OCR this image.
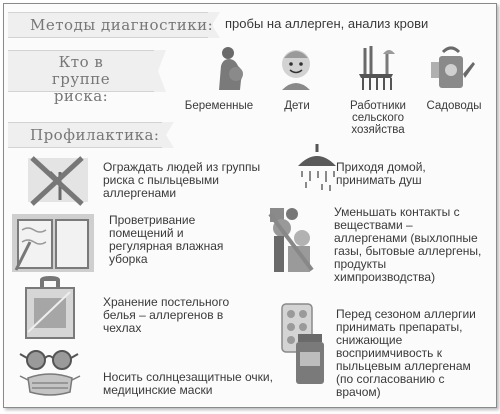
Методы диагностики: пробы на аллерген, анализ крови
Кто в группе
риска:
Беременные	Дети	Работники сельского хозяйства
Садоводы
Профилактика:
Ограждать людей из группы риска с пыльцевыми аллергенами
Приходя домой, принимать душ
Проветривание помещений и регулярная влажная уборка
Уменьшать контакты с веществами – аллергенами (выхлопные газы, бытовые аллергены, продукты химпроизводства)
Хранение постельного белья – аллергенов в чехлах
Перед сезоном аллергии принимать препараты, снижающие восприимчивость к пыльцевым аллергенам (по согласованию с врачом)
Носить солнцезащитные очки, медицинские маски
